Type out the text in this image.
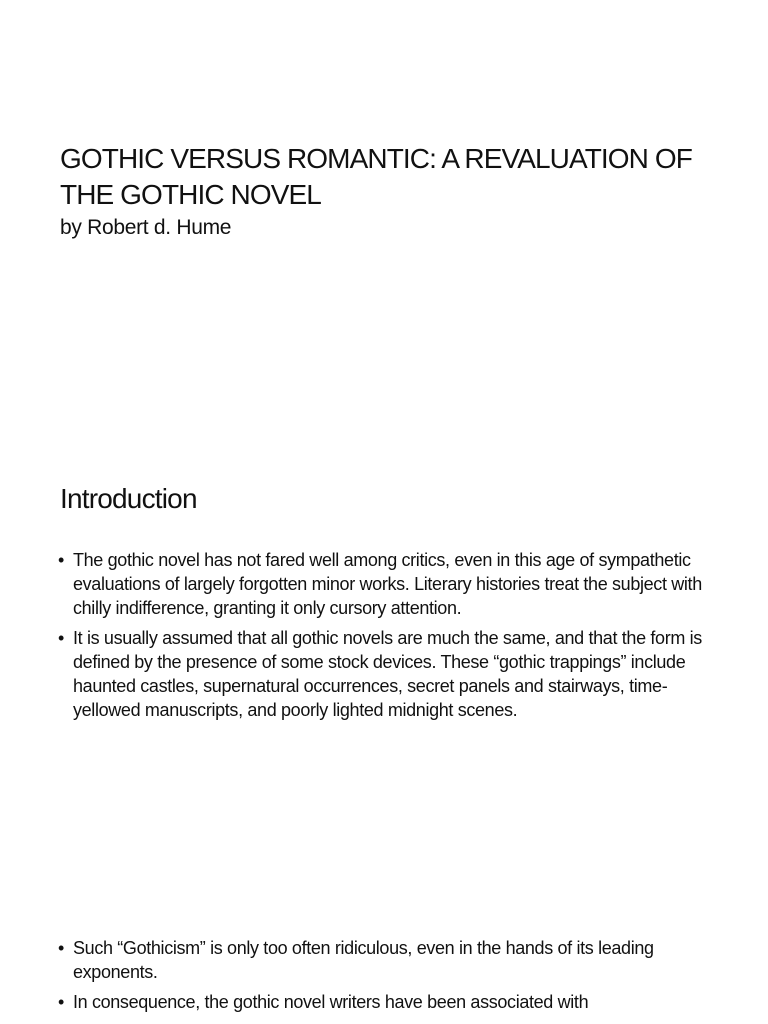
GOTHIC VERSUS ROMANTIC: A REVALUATION OF THE GOTHIC NOVEL

by Robert d. Hume

Introduction
• The gothic novel has not fared well among critics, even in this age of sympathetic evaluations of largely forgotten minor works. Literary histories treat the subject with chilly indifference, granting it only cursory attention.
• It is usually assumed that all gothic novels are much the same, and that the form is defined by the presence of some stock devices. These “gothic trappings” include haunted castles, supernatural occurrences, secret panels and stairways, time-yellowed manuscripts, and poorly lighted midnight scenes.
• Such “Gothicism” is only too often ridiculous, even in the hands of its leading exponents.
• In consequence, the gothic novel writers have been associated with
